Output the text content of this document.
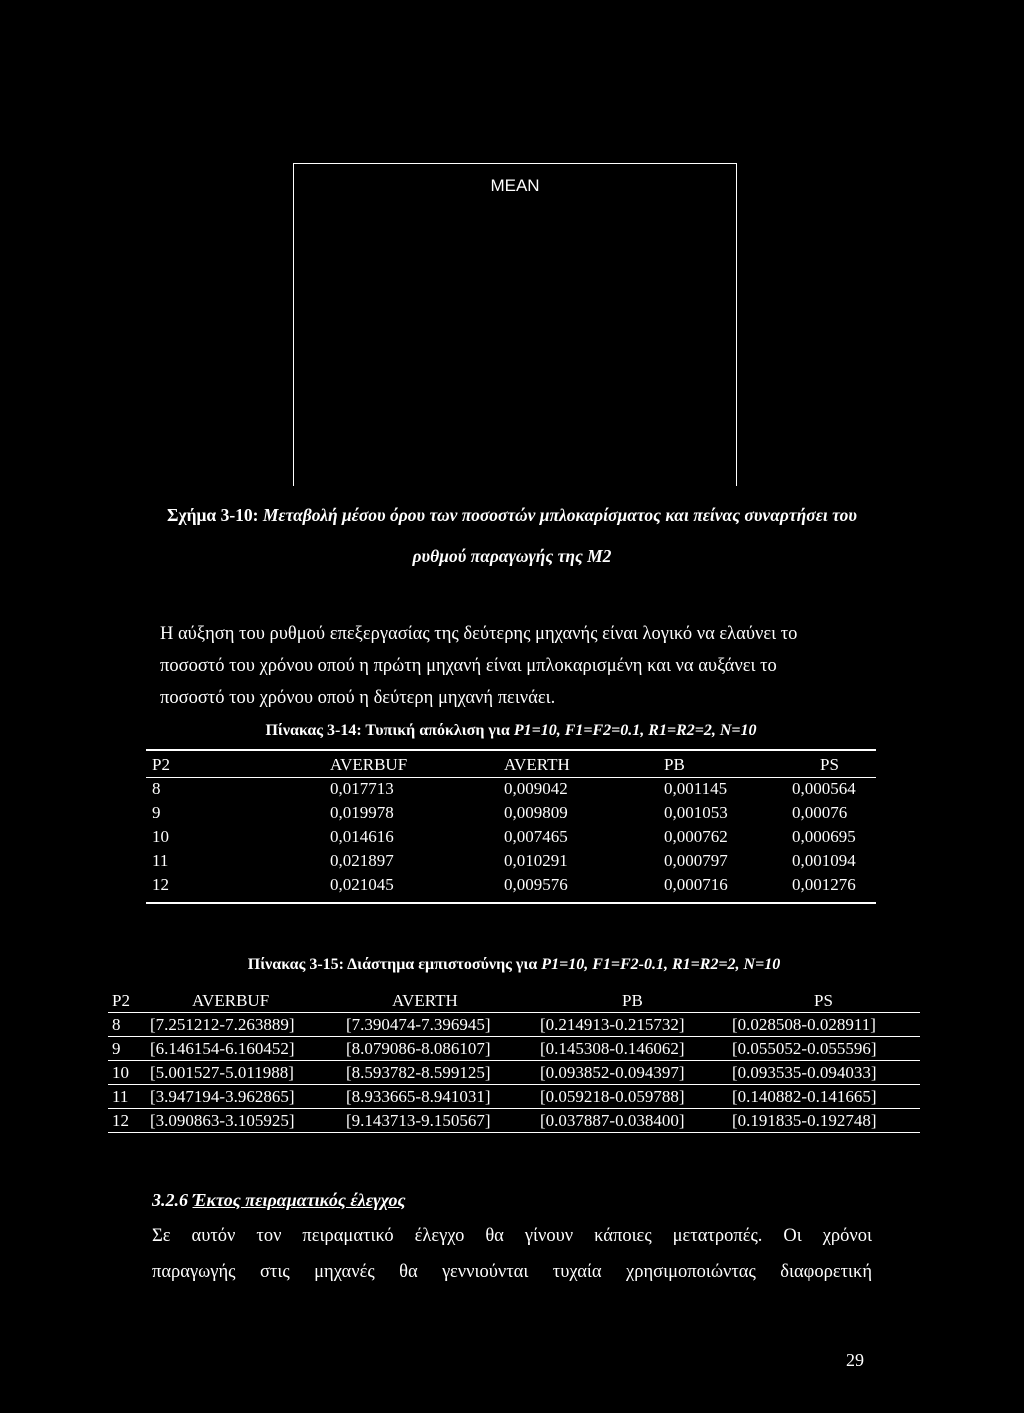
MEAN
Σχήμα 3-10: Μεταβολή μέσου όρου των ποσοστών μπλοκαρίσματος και πείνας συναρτήσει του
ρυθμού παραγωγής της Μ2
Η αύξηση του ρυθμού επεξεργασίας της δεύτερης μηχανής είναι λογικό να ελαύνει το
ποσοστό του χρόνου οπού η πρώτη μηχανή είναι μπλοκαρισμένη και να αυξάνει το
ποσοστό του χρόνου οπού η δεύτερη μηχανή πεινάει.
Πίνακας 3-14: Τυπική απόκλιση για P1=10, F1=F2=0.1, R1=R2=2, N=10
P2	AVERBUF	AVERTH	PB	PS
8	0,017713	0,009042	0,001145	0,000564
9	0,019978	0,009809	0,001053	0,00076
10	0,014616	0,007465	0,000762	0,000695
11	0,021897	0,010291	0,000797	0,001094
12	0,021045	0,009576	0,000716	0,001276
Πίνακας 3-15: Διάστημα εμπιστοσύνης για P1=10, F1=F2-0.1, R1=R2=2, N=10
P2	AVERBUF	AVERTH	PB	PS
8	[7.251212-7.263889]	[7.390474-7.396945]	[0.214913-0.215732]	[0.028508-0.028911]
9	[6.146154-6.160452]	[8.079086-8.086107]	[0.145308-0.146062]	[0.055052-0.055596]
10	[5.001527-5.011988]	[8.593782-8.599125]	[0.093852-0.094397]	[0.093535-0.094033]
11	[3.947194-3.962865]	[8.933665-8.941031]	[0.059218-0.059788]	[0.140882-0.141665]
12	[3.090863-3.105925]	[9.143713-9.150567]	[0.037887-0.038400]	[0.191835-0.192748]
3.2.6 Έκτος πειραματικός έλεγχος
Σε αυτόν τον πειραματικό έλεγχο θα γίνουν κάποιες μετατροπές. Οι χρόνοι
παραγωγής στις μηχανές θα γεννιούνται τυχαία χρησιμοποιώντας διαφορετική
29
